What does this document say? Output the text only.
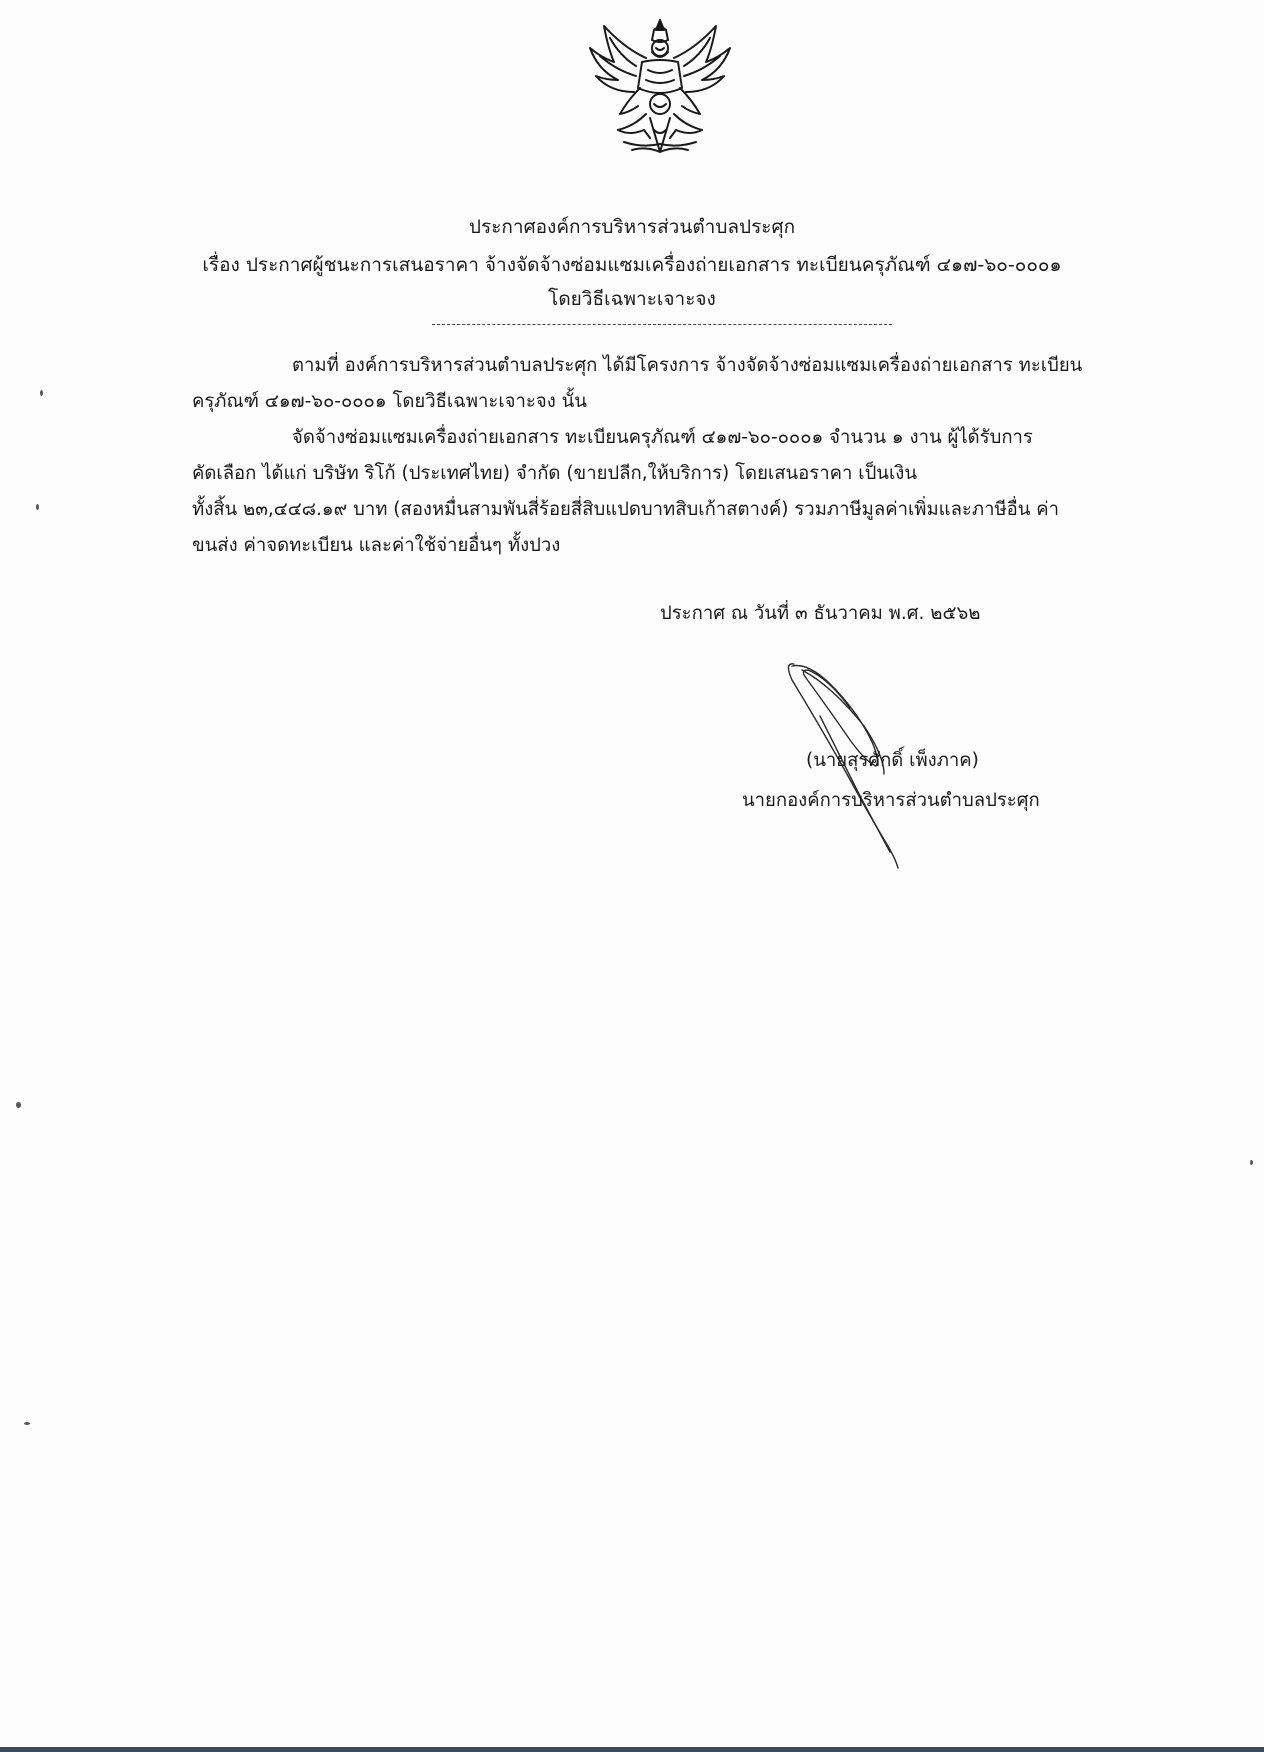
ประกาศองค์การบริหารส่วนตำบลประศุก
เรื่อง ประกาศผู้ชนะการเสนอราคา จ้างจัดจ้างซ่อมแซมเครื่องถ่ายเอกสาร ทะเบียนครุภัณฑ์ ๔๑๗-๖๐-๐๐๐๑
โดยวิธีเฉพาะเจาะจง
ตามที่ องค์การบริหารส่วนตำบลประศุก ได้มีโครงการ จ้างจัดจ้างซ่อมแซมเครื่องถ่ายเอกสาร ทะเบียน
ครุภัณฑ์ ๔๑๗-๖๐-๐๐๐๑ โดยวิธีเฉพาะเจาะจง นั้น
จัดจ้างซ่อมแซมเครื่องถ่ายเอกสาร ทะเบียนครุภัณฑ์ ๔๑๗-๖๐-๐๐๐๑ จำนวน ๑ งาน ผู้ได้รับการ
คัดเลือก ได้แก่ บริษัท ริโก้ (ประเทศไทย) จำกัด (ขายปลีก,ให้บริการ) โดยเสนอราคา เป็นเงิน
ทั้งสิ้น ๒๓,๔๔๘.๑๙ บาท (สองหมื่นสามพันสี่ร้อยสี่สิบแปดบาทสิบเก้าสตางค์) รวมภาษีมูลค่าเพิ่มและภาษีอื่น ค่า
ขนส่ง ค่าจดทะเบียน และค่าใช้จ่ายอื่นๆ ทั้งปวง
ประกาศ ณ วันที่ ๓ ธันวาคม พ.ศ. ๒๕๖๒
(นายสุรศักดิ์ เพ็งภาค)
นายกองค์การบริหารส่วนตำบลประศุก
